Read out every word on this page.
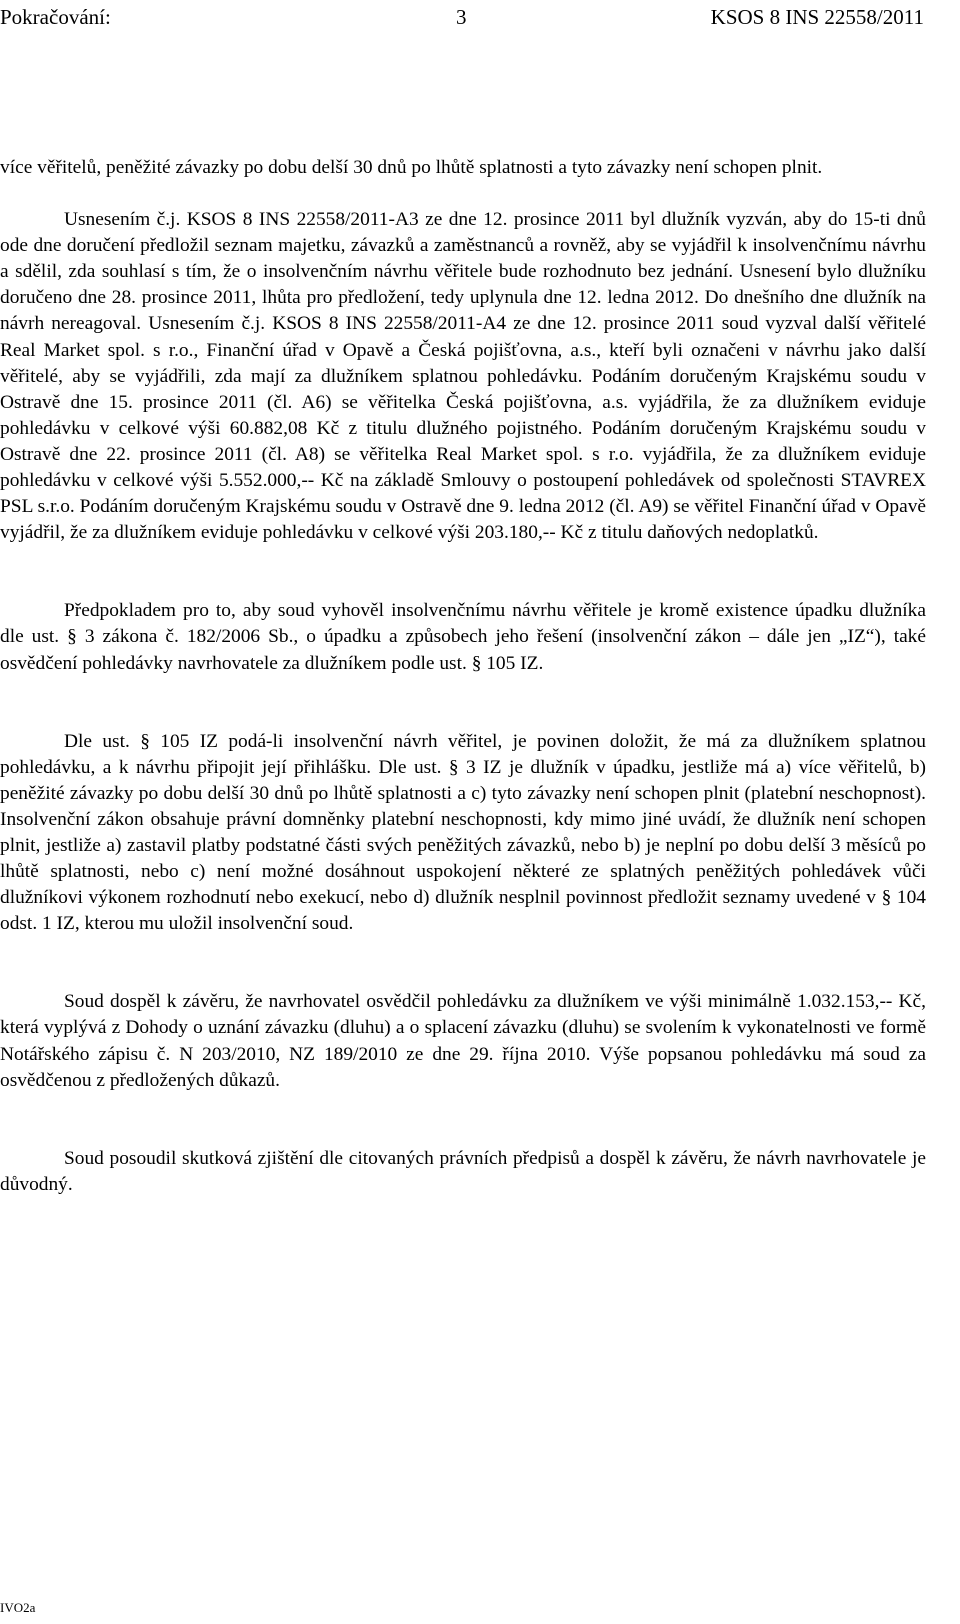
Pokračování:	3	KSOS 8 INS 22558/2011

více věřitelů, peněžité závazky po dobu delší 30 dnů po lhůtě splatnosti a tyto závazky není schopen plnit.

Usnesením č.j. KSOS 8 INS 22558/2011-A3 ze dne 12. prosince 2011 byl dlužník vyzván, aby do 15-ti dnů ode dne doručení předložil seznam majetku, závazků a zaměstnanců a rovněž, aby se vyjádřil k insolvenčnímu návrhu a sdělil, zda souhlasí s tím, že o insolvenčním návrhu věřitele bude rozhodnuto bez jednání. Usnesení bylo dlužníku doručeno dne 28. prosince 2011, lhůta pro předložení, tedy uplynula dne 12. ledna 2012. Do dnešního dne dlužník na návrh nereagoval. Usnesením č.j. KSOS 8 INS 22558/2011-A4 ze dne 12. prosince 2011 soud vyzval další věřitelé Real Market spol. s r.o., Finanční úřad v Opavě a Česká pojišťovna, a.s., kteří byli označeni v návrhu jako další věřitelé, aby se vyjádřili, zda mají za dlužníkem splatnou pohledávku. Podáním doručeným Krajskému soudu v Ostravě dne 15. prosince 2011 (čl. A6) se věřitelka Česká pojišťovna, a.s. vyjádřila, že za dlužníkem eviduje pohledávku v celkové výši 60.882,08 Kč z titulu dlužného pojistného. Podáním doručeným Krajskému soudu v Ostravě dne 22. prosince 2011 (čl. A8) se věřitelka Real Market spol. s r.o. vyjádřila, že za dlužníkem eviduje pohledávku v celkové výši 5.552.000,-- Kč na základě Smlouvy o postoupení pohledávek od společnosti STAVREX PSL s.r.o. Podáním doručeným Krajskému soudu v Ostravě dne 9. ledna 2012 (čl. A9) se věřitel Finanční úřad v Opavě vyjádřil, že za dlužníkem eviduje pohledávku v celkové výši 203.180,-- Kč z titulu daňových nedoplatků.

Předpokladem pro to, aby soud vyhověl insolvenčnímu návrhu věřitele je kromě existence úpadku dlužníka dle ust. § 3 zákona č. 182/2006 Sb., o úpadku a způsobech jeho řešení (insolvenční zákon – dále jen „IZ“), také osvědčení pohledávky navrhovatele za dlužníkem podle ust. § 105 IZ.

Dle ust. § 105 IZ podá-li insolvenční návrh věřitel, je povinen doložit, že má za dlužníkem splatnou pohledávku, a k návrhu připojit její přihlášku. Dle ust. § 3 IZ je dlužník v úpadku, jestliže má a) více věřitelů, b) peněžité závazky po dobu delší 30 dnů po lhůtě splatnosti a c) tyto závazky není schopen plnit (platební neschopnost). Insolvenční zákon obsahuje právní domněnky platební neschopnosti, kdy mimo jiné uvádí, že dlužník není schopen plnit, jestliže a) zastavil platby podstatné části svých peněžitých závazků, nebo b) je neplní po dobu delší 3 měsíců po lhůtě splatnosti, nebo c) není možné dosáhnout uspokojení některé ze splatných peněžitých pohledávek vůči dlužníkovi výkonem rozhodnutí nebo exekucí, nebo d) dlužník nesplnil povinnost předložit seznamy uvedené v § 104 odst. 1 IZ, kterou mu uložil insolvenční soud.

Soud dospěl k závěru, že navrhovatel osvědčil pohledávku za dlužníkem ve výši minimálně 1.032.153,-- Kč, která vyplývá z Dohody o uznání závazku (dluhu) a o splacení závazku (dluhu) se svolením k vykonatelnosti ve formě Notářského zápisu č. N 203/2010, NZ 189/2010 ze dne 29. října 2010. Výše popsanou pohledávku má soud za osvědčenou z předložených důkazů.

Soud posoudil skutková zjištění dle citovaných právních předpisů a dospěl k závěru, že návrh navrhovatele je důvodný.

IVO2a
